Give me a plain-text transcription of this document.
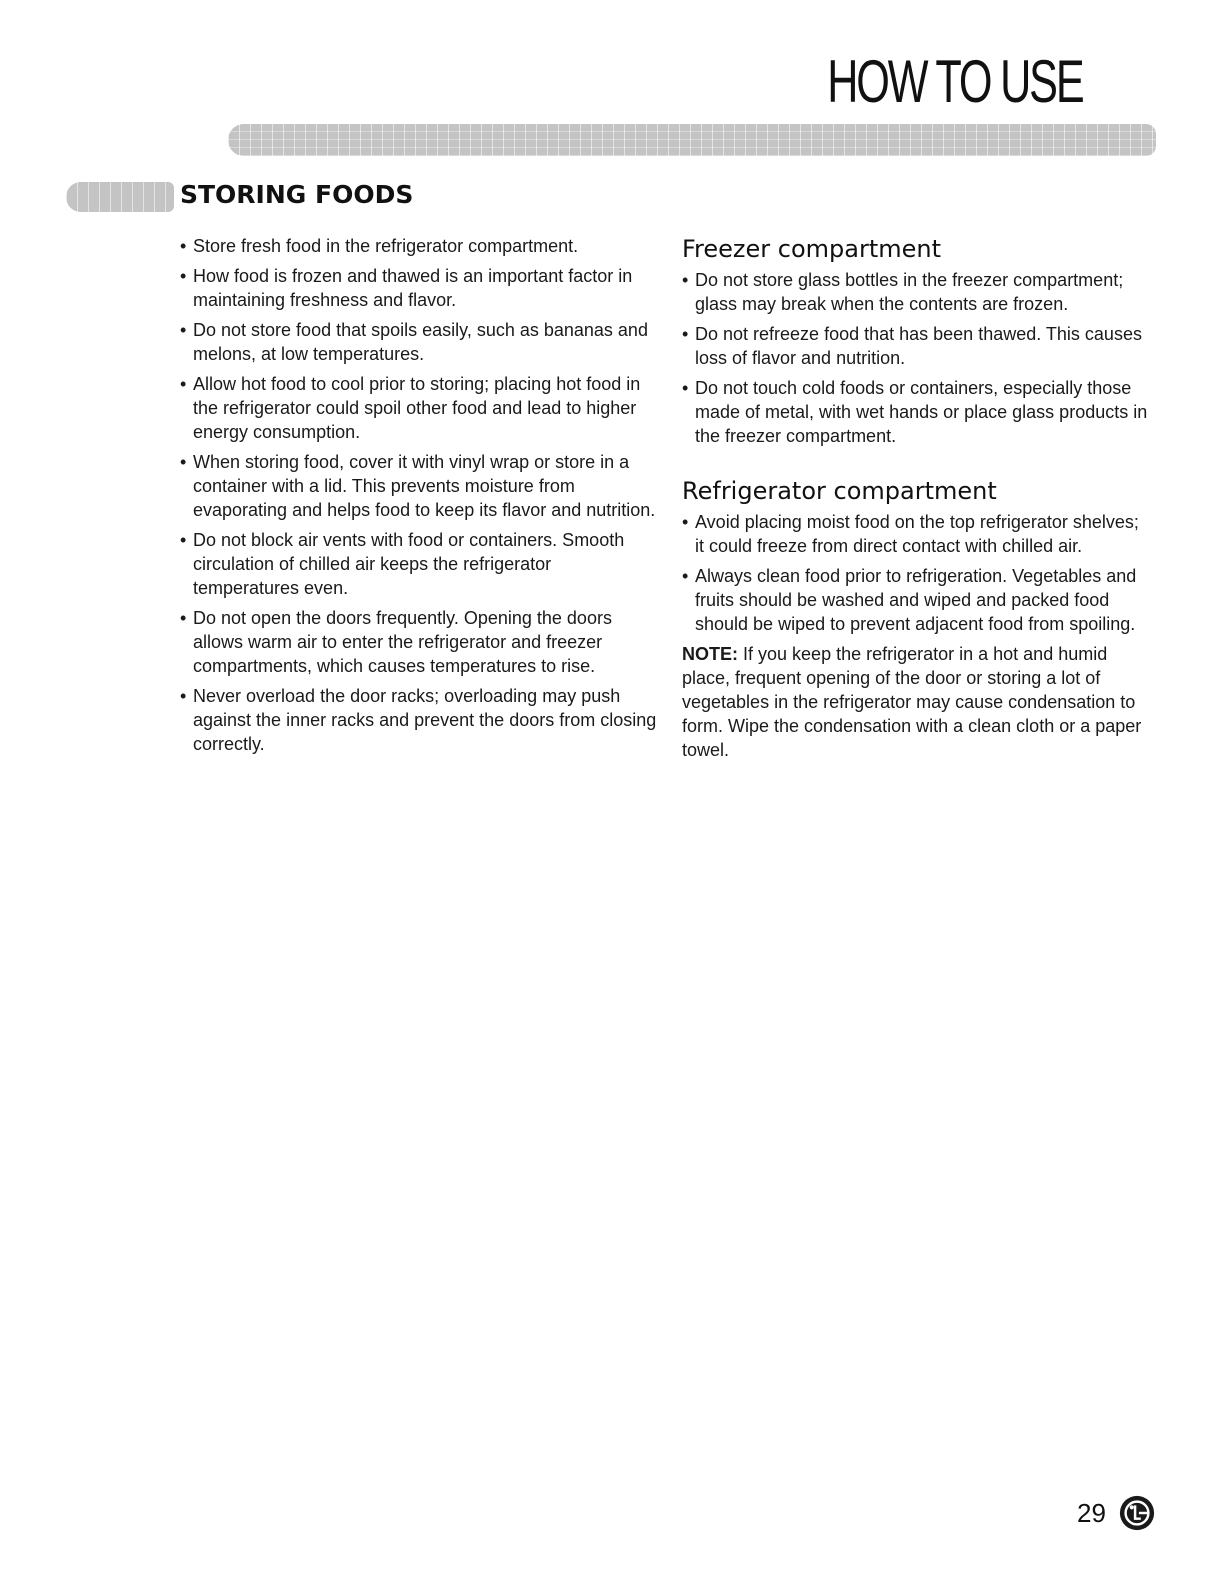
HOW TO USE
STORING FOODS
• Store fresh food in the refrigerator compartment.
• How food is frozen and thawed is an important factor in maintaining freshness and flavor.
• Do not store food that spoils easily, such as bananas and melons, at low temperatures.
• Allow hot food to cool prior to storing; placing hot food in the refrigerator could spoil other food and lead to higher energy consumption.
• When storing food, cover it with vinyl wrap or store in a container with a lid. This prevents moisture from evaporating and helps food to keep its flavor and nutrition.
• Do not block air vents with food or containers. Smooth circulation of chilled air keeps the refrigerator temperatures even.
• Do not open the doors frequently. Opening the doors allows warm air to enter the refrigerator and freezer compartments, which causes temperatures to rise.
• Never overload the door racks; overloading may push against the inner racks and prevent the doors from closing correctly.
Freezer compartment
• Do not store glass bottles in the freezer compartment; glass may break when the contents are frozen.
• Do not refreeze food that has been thawed. This causes loss of flavor and nutrition.
• Do not touch cold foods or containers, especially those made of metal, with wet hands or place glass products in the freezer compartment.
Refrigerator compartment
• Avoid placing moist food on the top refrigerator shelves; it could freeze from direct contact with chilled air.
• Always clean food prior to refrigeration. Vegetables and fruits should be washed and wiped and packed food should be wiped to prevent adjacent food from spoiling.
NOTE: If you keep the refrigerator in a hot and humid place, frequent opening of the door or storing a lot of vegetables in the refrigerator may cause condensation to form. Wipe the condensation with a clean cloth or a paper towel.
29
